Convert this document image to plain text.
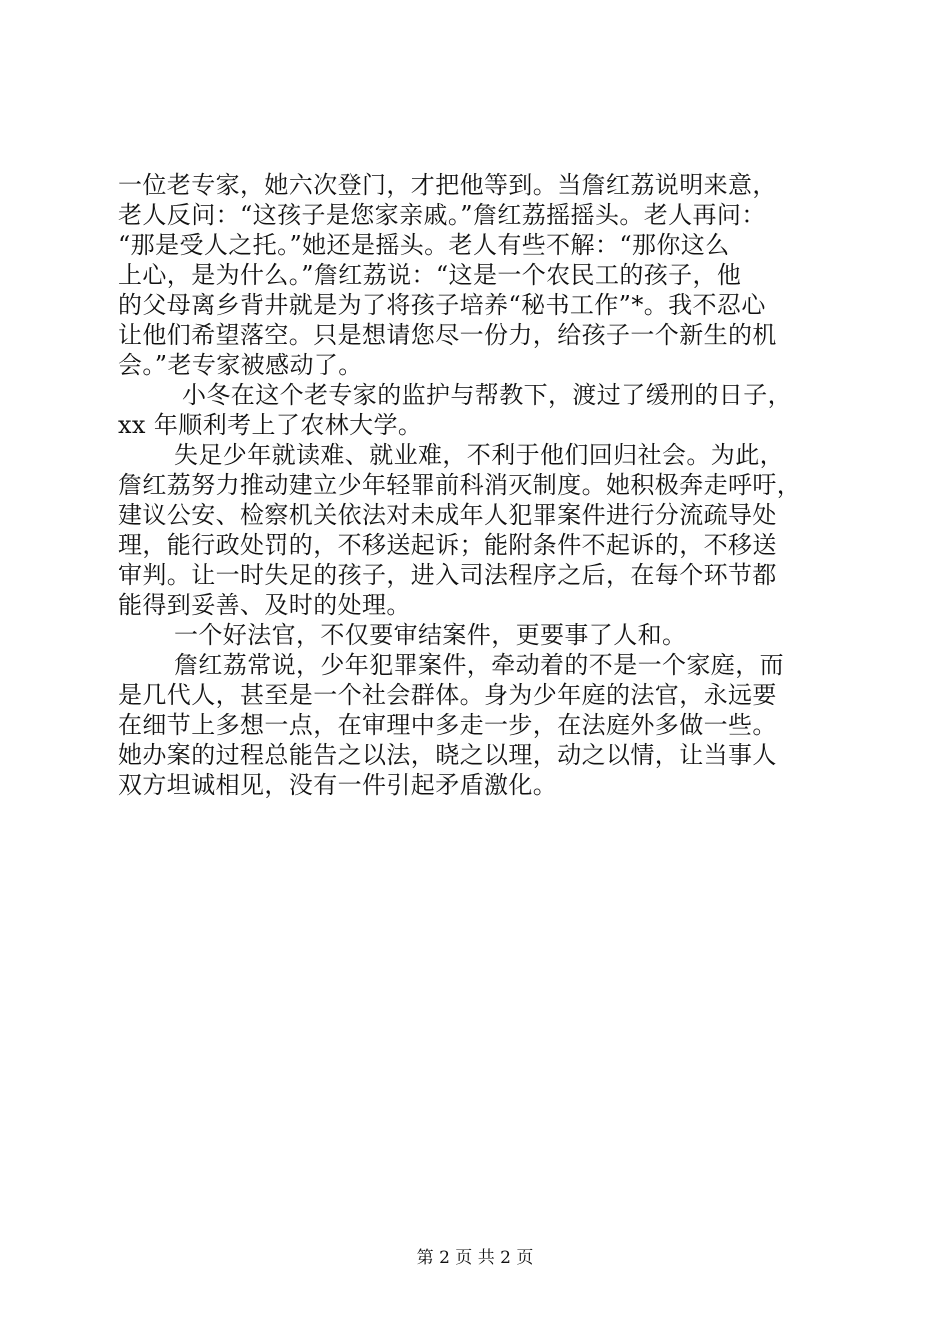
一位老专家，她六次登门，才把他等到。当詹红荔说明来意，
老人反问：“这孩子是您家亲戚。”詹红荔摇摇头。老人再问：
“那是受人之托。”她还是摇头。老人有些不解：“那你这么
上心，是为什么。”詹红荔说：“这是一个农民工的孩子，他
的父母离乡背井就是为了将孩子培养“秘书工作”*。我不忍心
让他们希望落空。只是想请您尽一份力，给孩子一个新生的机
会。”老专家被感动了。
小冬在这个老专家的监护与帮教下，渡过了缓刑的日子，
xx 年顺利考上了农林大学。
失足少年就读难、就业难，不利于他们回归社会。为此，
詹红荔努力推动建立少年轻罪前科消灭制度。她积极奔走呼吁，
建议公安、检察机关依法对未成年人犯罪案件进行分流疏导处
理，能行政处罚的，不移送起诉；能附条件不起诉的，不移送
审判。让一时失足的孩子，进入司法程序之后，在每个环节都
能得到妥善、及时的处理。
一个好法官，不仅要审结案件，更要事了人和。
詹红荔常说，少年犯罪案件，牵动着的不是一个家庭，而
是几代人，甚至是一个社会群体。身为少年庭的法官，永远要
在细节上多想一点，在审理中多走一步，在法庭外多做一些。
她办案的过程总能告之以法，晓之以理，动之以情，让当事人
双方坦诚相见，没有一件引起矛盾激化。
第 2 页 共 2 页
